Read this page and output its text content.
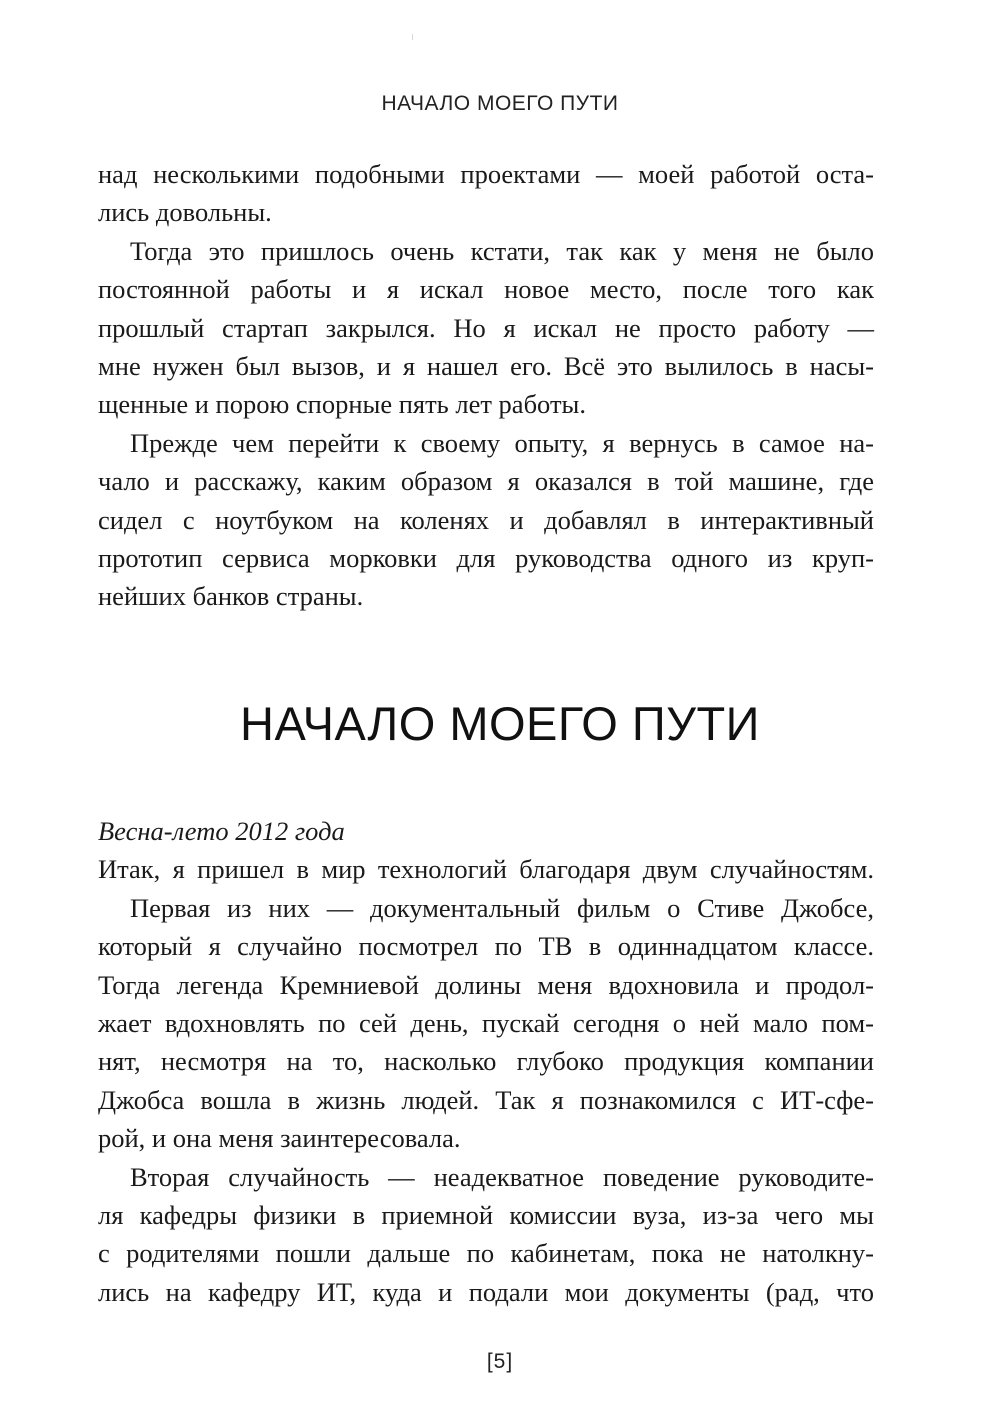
НАЧАЛО МОЕГО ПУТИ
над несколькими подобными проектами — моей работой оста-
лись довольны.
Тогда это пришлось очень кстати, так как у меня не было
постоянной работы и я искал новое место, после того как
прошлый стартап закрылся. Но я искал не просто работу —
мне нужен был вызов, и я нашел его. Всё это вылилось в насы-
щенные и порою спорные пять лет работы.
Прежде чем перейти к своему опыту, я вернусь в самое на-
чало и расскажу, каким образом я оказался в той машине, где
сидел с ноутбуком на коленях и добавлял в интерактивный
прототип сервиса морковки для руководства одного из круп-
нейших банков страны.
НАЧАЛО МОЕГО ПУТИ
Весна-лето 2012 года
Итак, я пришел в мир технологий благодаря двум случайностям.
Первая из них — документальный фильм о Стиве Джобсе,
который я случайно посмотрел по ТВ в одиннадцатом классе.
Тогда легенда Кремниевой долины меня вдохновила и продол-
жает вдохновлять по сей день, пускай сегодня о ней мало пом-
нят, несмотря на то, насколько глубоко продукция компании
Джобса вошла в жизнь людей. Так я познакомился с ИТ-сфе-
рой, и она меня заинтересовала.
Вторая случайность — неадекватное поведение руководите-
ля кафедры физики в приемной комиссии вуза, из-за чего мы
с родителями пошли дальше по кабинетам, пока не натолкну-
лись на кафедру ИТ, куда и подали мои документы (рад, что
[5]
